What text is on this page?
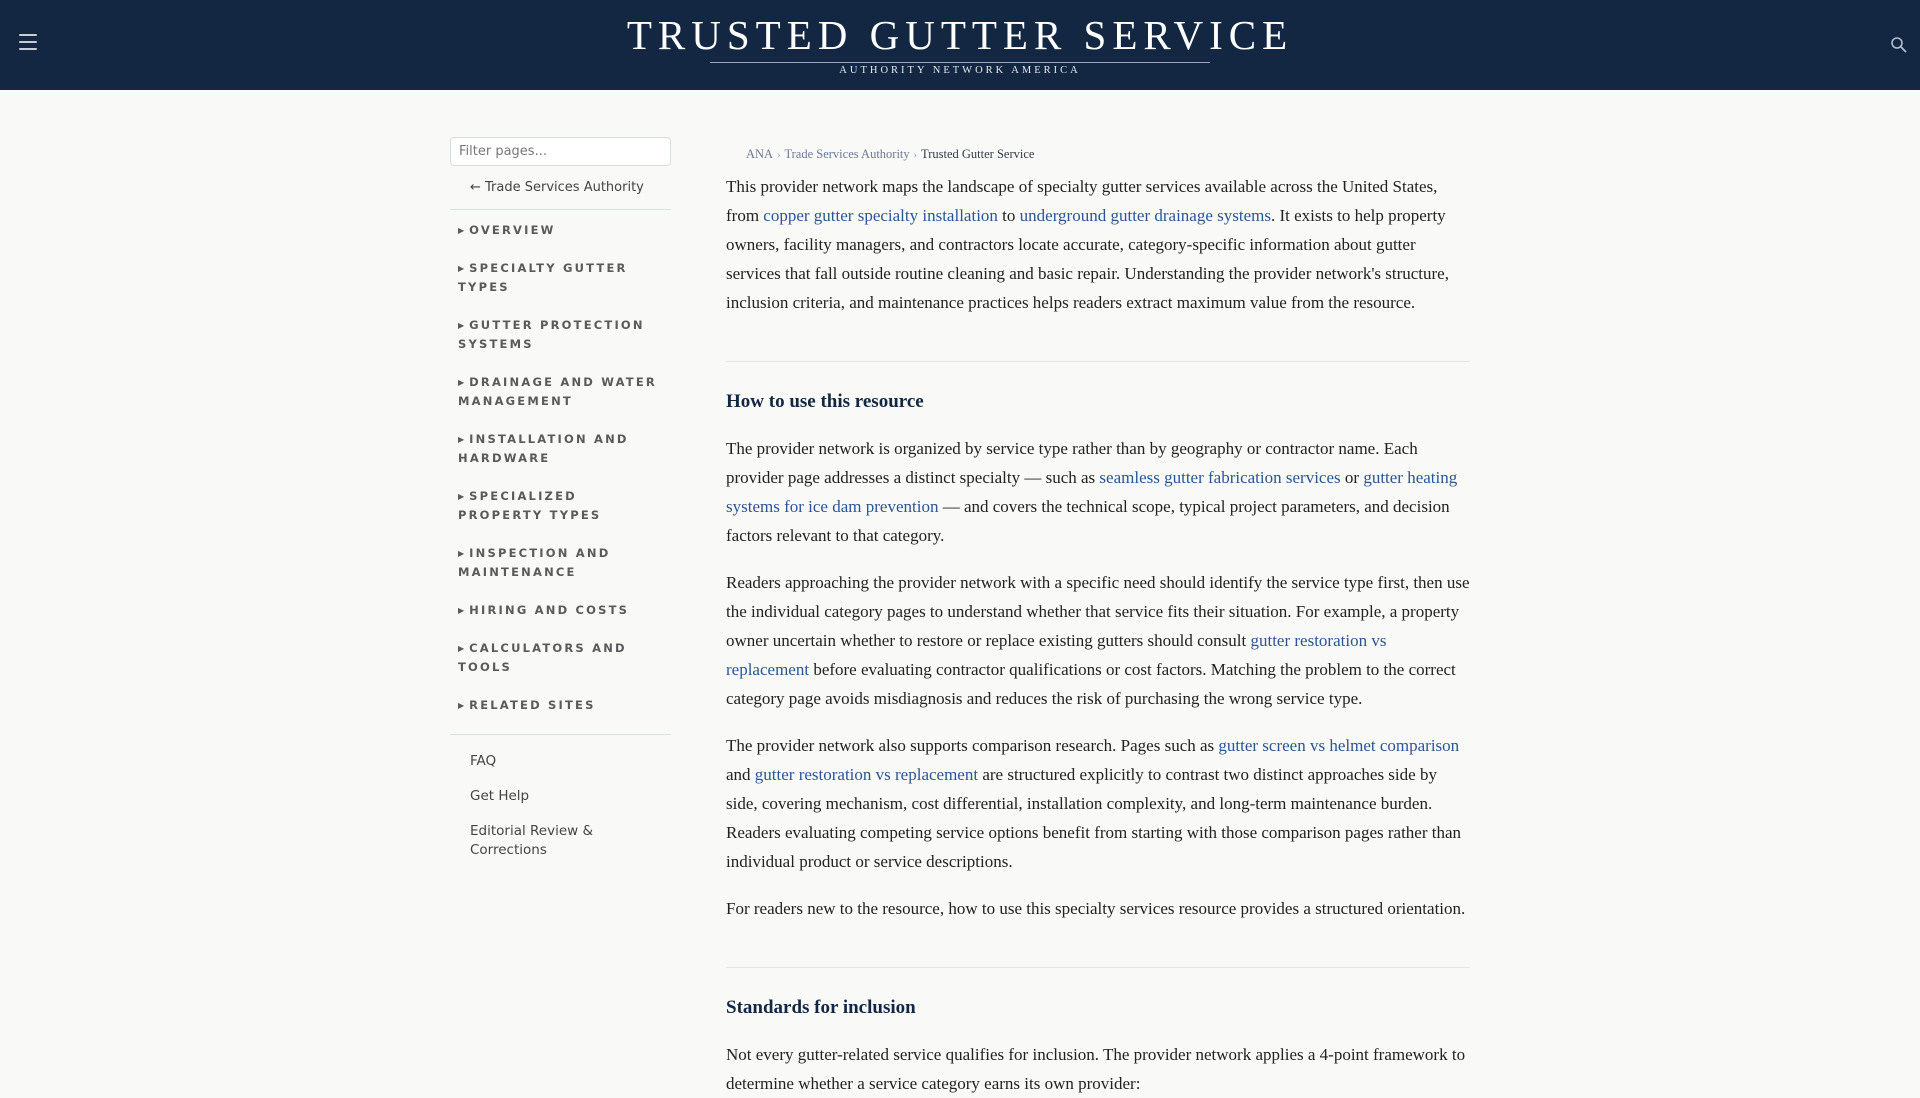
TRUSTED GUTTER SERVICE
AUTHORITY NETWORK AMERICA
Filter pages...
← Trade Services Authority
▶ OVERVIEW
▶ SPECIALTY GUTTER TYPES
▶ GUTTER PROTECTION SYSTEMS
▶ DRAINAGE AND WATER MANAGEMENT
▶ INSTALLATION AND HARDWARE
▶ SPECIALIZED PROPERTY TYPES
▶ INSPECTION AND MAINTENANCE
▶ HIRING AND COSTS
▶ CALCULATORS AND TOOLS
▶ RELATED SITES
FAQ
Get Help
Editorial Review & Corrections
ANA › Trade Services Authority › Trusted Gutter Service

This provider network maps the landscape of specialty gutter services available across the United States, from copper gutter specialty installation to underground gutter drainage systems. It exists to help property owners, facility managers, and contractors locate accurate, category-specific information about gutter services that fall outside routine cleaning and basic repair. Understanding the provider network's structure, inclusion criteria, and maintenance practices helps readers extract maximum value from the resource.

How to use this resource

The provider network is organized by service type rather than by geography or contractor name. Each provider page addresses a distinct specialty — such as seamless gutter fabrication services or gutter heating systems for ice dam prevention — and covers the technical scope, typical project parameters, and decision factors relevant to that category.

Readers approaching the provider network with a specific need should identify the service type first, then use the individual category pages to understand whether that service fits their situation. For example, a property owner uncertain whether to restore or replace existing gutters should consult gutter restoration vs replacement before evaluating contractor qualifications or cost factors. Matching the problem to the correct category page avoids misdiagnosis and reduces the risk of purchasing the wrong service type.

The provider network also supports comparison research. Pages such as gutter screen vs helmet comparison and gutter restoration vs replacement are structured explicitly to contrast two distinct approaches side by side, covering mechanism, cost differential, installation complexity, and long-term maintenance burden. Readers evaluating competing service options benefit from starting with those comparison pages rather than individual product or service descriptions.

For readers new to the resource, how to use this specialty services resource provides a structured orientation.

Standards for inclusion

Not every gutter-related service qualifies for inclusion. The provider network applies a 4-point framework to determine whether a service category earns its own provider:
